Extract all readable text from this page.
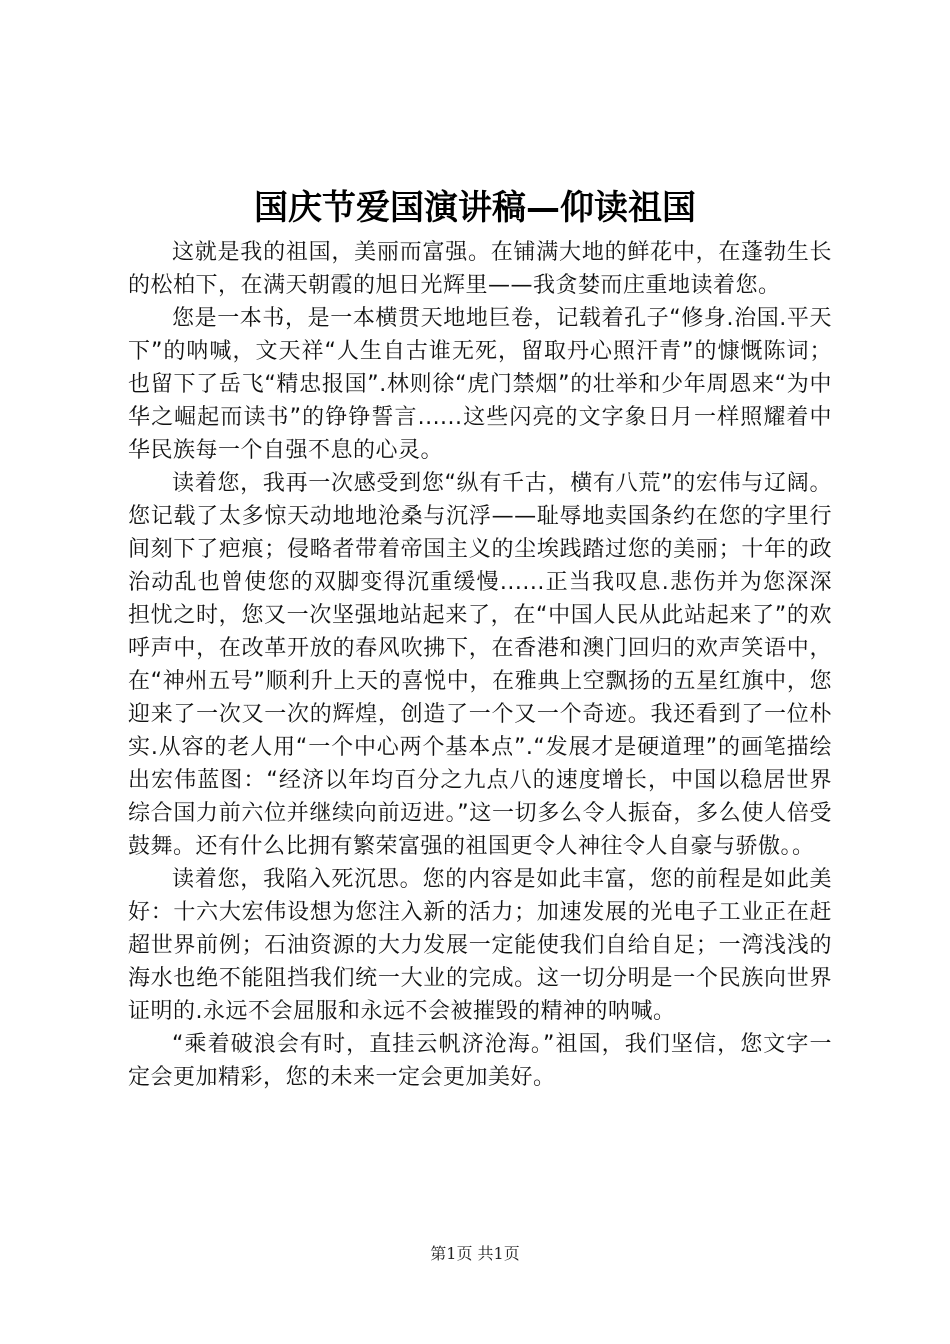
国庆节爱国演讲稿—仰读祖国

这就是我的祖国，美丽而富强。在铺满大地的鲜花中，在蓬勃生长的松柏下，在满天朝霞的旭日光辉里——我贪婪而庄重地读着您。

您是一本书，是一本横贯天地地巨卷，记载着孔子“修身.治国.平天下”的呐喊，文天祥“人生自古谁无死，留取丹心照汗青”的慷慨陈词；也留下了岳飞“精忠报国”.林则徐“虎门禁烟”的壮举和少年周恩来“为中华之崛起而读书”的铮铮誓言......这些闪亮的文字象日月一样照耀着中华民族每一个自强不息的心灵。

读着您，我再一次感受到您“纵有千古，横有八荒”的宏伟与辽阔。您记载了太多惊天动地地沧桑与沉浮——耻辱地卖国条约在您的字里行间刻下了疤痕；侵略者带着帝国主义的尘埃践踏过您的美丽；十年的政治动乱也曾使您的双脚变得沉重缓慢......正当我叹息.悲伤并为您深深担忧之时，您又一次坚强地站起来了，在“中国人民从此站起来了”的欢呼声中，在改革开放的春风吹拂下，在香港和澳门回归的欢声笑语中，在“神州五号”顺利升上天的喜悦中，在雅典上空飘扬的五星红旗中，您迎来了一次又一次的辉煌，创造了一个又一个奇迹。我还看到了一位朴实.从容的老人用“一个中心两个基本点”.“发展才是硬道理”的画笔描绘出宏伟蓝图：“经济以年均百分之九点八的速度增长，中国以稳居世界综合国力前六位并继续向前迈进。”这一切多么令人振奋，多么使人倍受鼓舞。还有什么比拥有繁荣富强的祖国更令人神往令人自豪与骄傲。。

读着您，我陷入死沉思。您的内容是如此丰富，您的前程是如此美好：十六大宏伟设想为您注入新的活力；加速发展的光电子工业正在赶超世界前例；石油资源的大力发展一定能使我们自给自足；一湾浅浅的海水也绝不能阻挡我们统一大业的完成。这一切分明是一个民族向世界证明的.永远不会屈服和永远不会被摧毁的精神的呐喊。

“乘着破浪会有时，直挂云帆济沧海。”祖国，我们坚信，您文字一定会更加精彩，您的未来一定会更加美好。

第1页 共1页
